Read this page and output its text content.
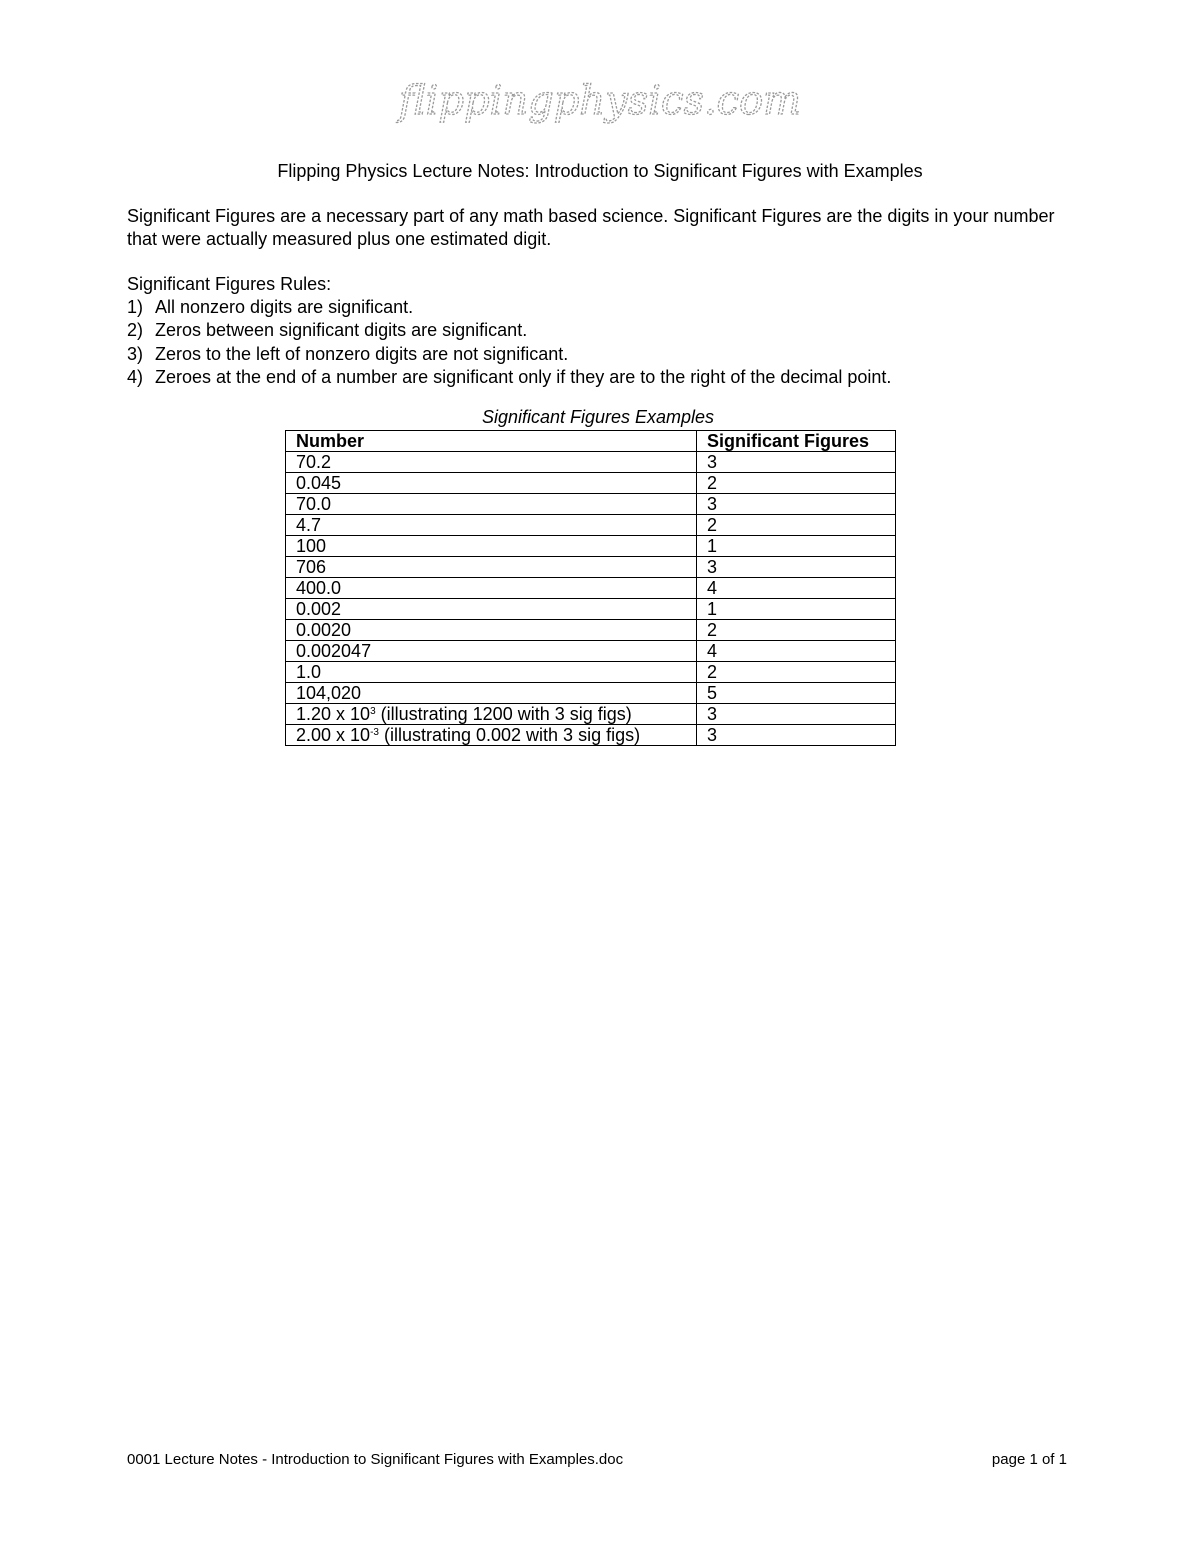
flippingphysics.com
Flipping Physics Lecture Notes: Introduction to Significant Figures with Examples
Significant Figures are a necessary part of any math based science. Significant Figures are the digits in your number that were actually measured plus one estimated digit.
Significant Figures Rules:
1) All nonzero digits are significant.
2) Zeros between significant digits are significant.
3) Zeros to the left of nonzero digits are not significant.
4) Zeroes at the end of a number are significant only if they are to the right of the decimal point.
Significant Figures Examples
Number	Significant Figures
70.2	3
0.045	2
70.0	3
4.7	2
100	1
706	3
400.0	4
0.002	1
0.0020	2
0.002047	4
1.0	2
104,020	5
1.20 x $10^3$ (illustrating 1200 with 3 sig figs)	3
2.00 x $10^{-3}$ (illustrating 0.002 with 3 sig figs)	3
0001 Lecture Notes - Introduction to Significant Figures with Examples.doc	page 1 of 1
